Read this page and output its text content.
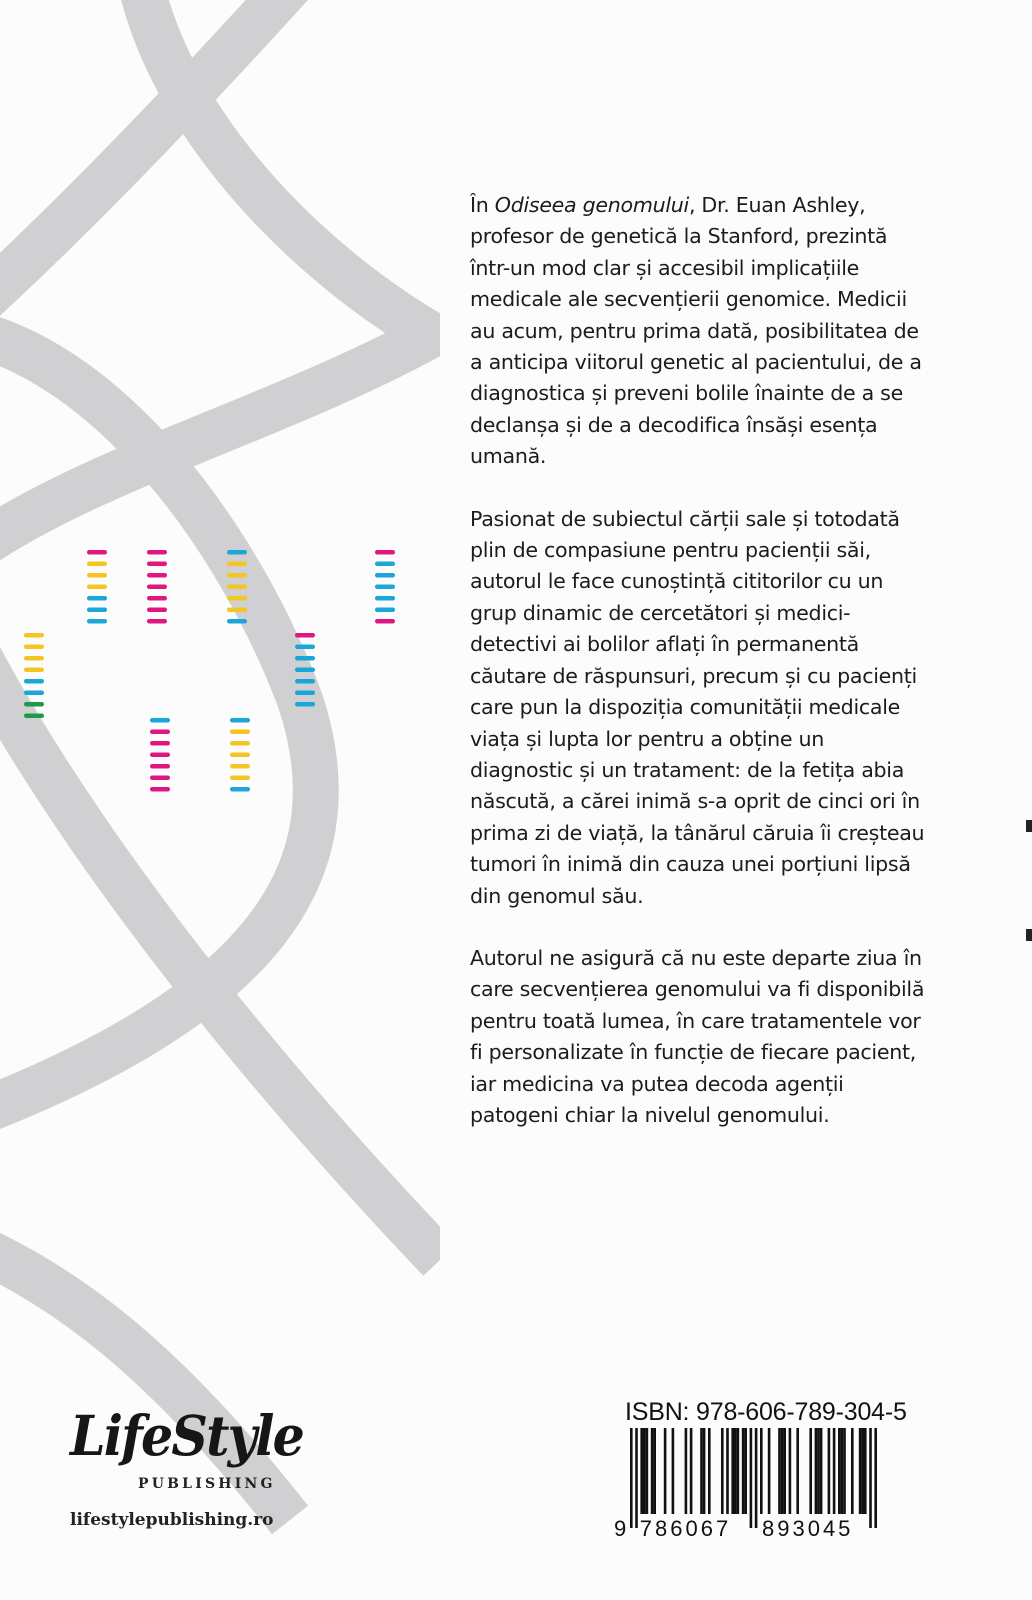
În Odiseea genomului, Dr. Euan Ashley, profesor de genetică la Stanford, prezintă într-un mod clar și accesibil implicațiile medicale ale secvențierii genomice. Medicii au acum, pentru prima dată, posibilitatea de a anticipa viitorul genetic al pacientului, de a diagnostica și preveni bolile înainte de a se declanșa și de a decodifica însăși esența umană.

Pasionat de subiectul cărții sale și totodată plin de compasiune pentru pacienții săi, autorul le face cunoștință cititorilor cu un grup dinamic de cercetători și medici-detectivi ai bolilor aflați în permanentă căutare de răspunsuri, precum și cu pacienți care pun la dispoziția comunității medicale viața și lupta lor pentru a obține un diagnostic și un tratament: de la fetița abia născută, a cărei inimă s-a oprit de cinci ori în prima zi de viață, la tânărul căruia îi creșteau tumori în inimă din cauza unei porțiuni lipsă din genomul său.

Autorul ne asigură că nu este departe ziua în care secvențierea genomului va fi disponibilă pentru toată lumea, în care tratamentele vor fi personalizate în funcție de fiecare pacient, iar medicina va putea decoda agenții patogeni chiar la nivelul genomului.

LifeStyle
PUBLISHING
lifestylepublishing.ro
ISBN: 978-606-789-304-5
9 786067 893045
